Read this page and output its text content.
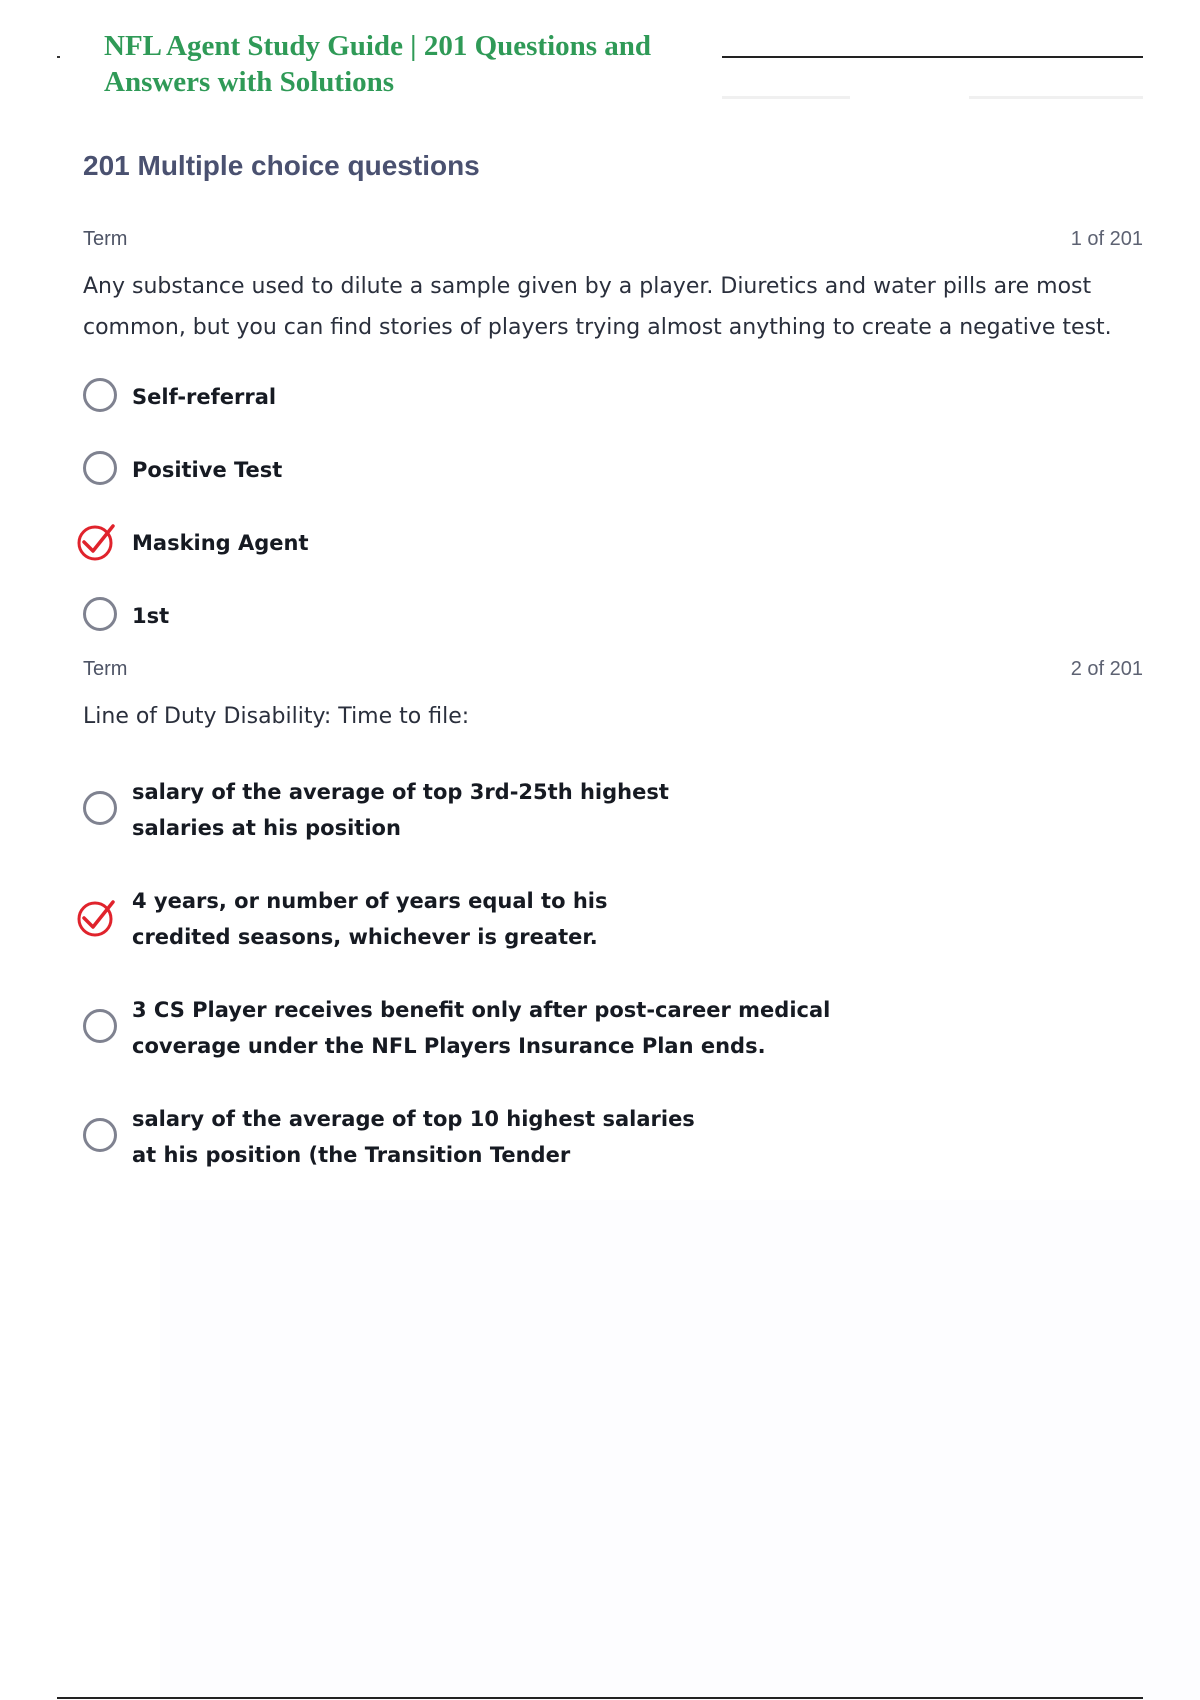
NFL Agent Study Guide | 201 Questions and Answers with Solutions
201 Multiple choice questions
Term	1 of 201

Any substance used to dilute a sample given by a player. Diuretics and water pills are most common, but you can find stories of players trying almost anything to create a negative test.

Self-referral
Positive Test
Masking Agent
1st
Term	2 of 201

Line of Duty Disability: Time to file:

salary of the average of top 3rd-25th highest salaries at his position
4 years, or number of years equal to his credited seasons, whichever is greater.
3 CS Player receives benefit only after post-career medical coverage under the NFL Players Insurance Plan ends.
salary of the average of top 10 highest salaries at his position (the Transition Tender
